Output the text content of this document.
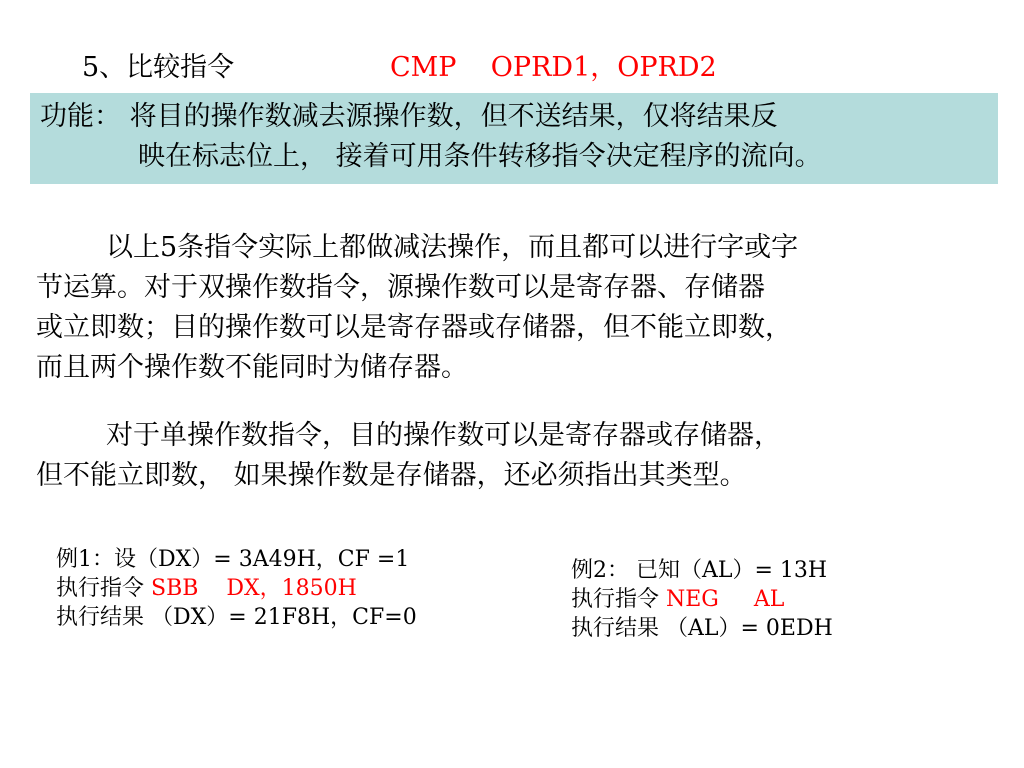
5、比较指令	CMP    OPRD1，OPRD2
功能： 将目的操作数减去源操作数，但不送结果，仅将结果反
映在标志位上， 接着可用条件转移指令决定程序的流向。
以上5条指令实际上都做减法操作，而且都可以进行字或字
节运算。对于双操作数指令，源操作数可以是寄存器、存储器
或立即数；目的操作数可以是寄存器或存储器，但不能立即数，
而且两个操作数不能同时为储存器。
对于单操作数指令，目的操作数可以是寄存器或存储器，
但不能立即数， 如果操作数是存储器，还必须指出其类型。
例1：设（DX）= 3A49H，CF =1
执行指令 SBB    DX，1850H
执行结果 （DX）= 21F8H，CF=0
例2： 已知（AL）= 13H
执行指令 NEG     AL
执行结果 （AL）= 0EDH
